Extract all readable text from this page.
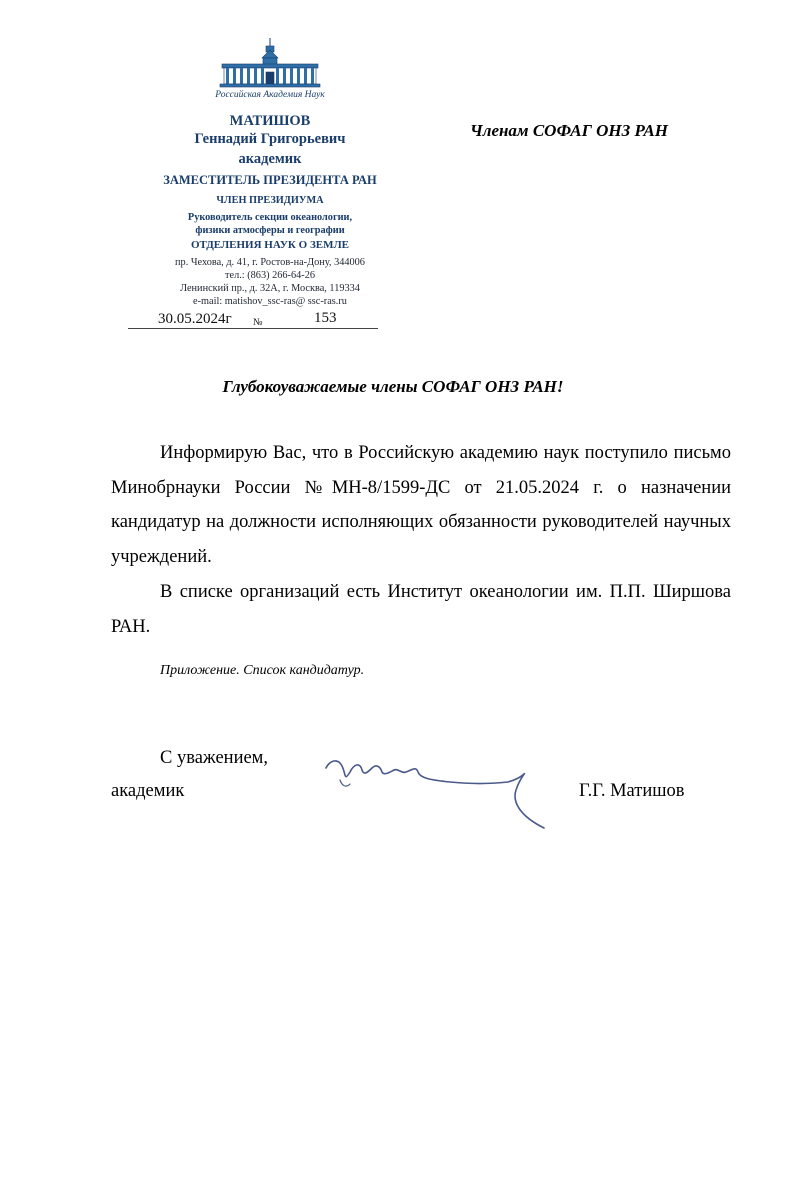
Российская Академия Наук
МАТИШОВ
Геннадий Григорьевич
академик
ЗАМЕСТИТЕЛЬ ПРЕЗИДЕНТА РАН
ЧЛЕН ПРЕЗИДИУМА
Руководитель секции океанологии,
физики атмосферы и географии
ОТДЕЛЕНИЯ НАУК О ЗЕМЛЕ
пр. Чехова, д. 41, г. Ростов-на-Дону, 344006
тел.: (863) 266-64-26
Ленинский пр., д. 32А, г. Москва, 119334
e-mail: matishov_ssc-ras@ ssc-ras.ru
30.05.2024г №	153
Членам СОФАГ ОНЗ РАН
Глубокоуважаемые члены СОФАГ ОНЗ РАН!

Информирую Вас, что в Российскую академию наук поступило письмо Минобрнауки России №МН-8/1599-ДС от 21.05.2024 г. о назначении кандидатур на должности исполняющих обязанности руководителей научных учреждений.

В списке организаций есть Институт океанологии им. П.П. Ширшова РАН.

Приложение. Список кандидатур.
С уважением,
академик	Г.Г. Матишов
